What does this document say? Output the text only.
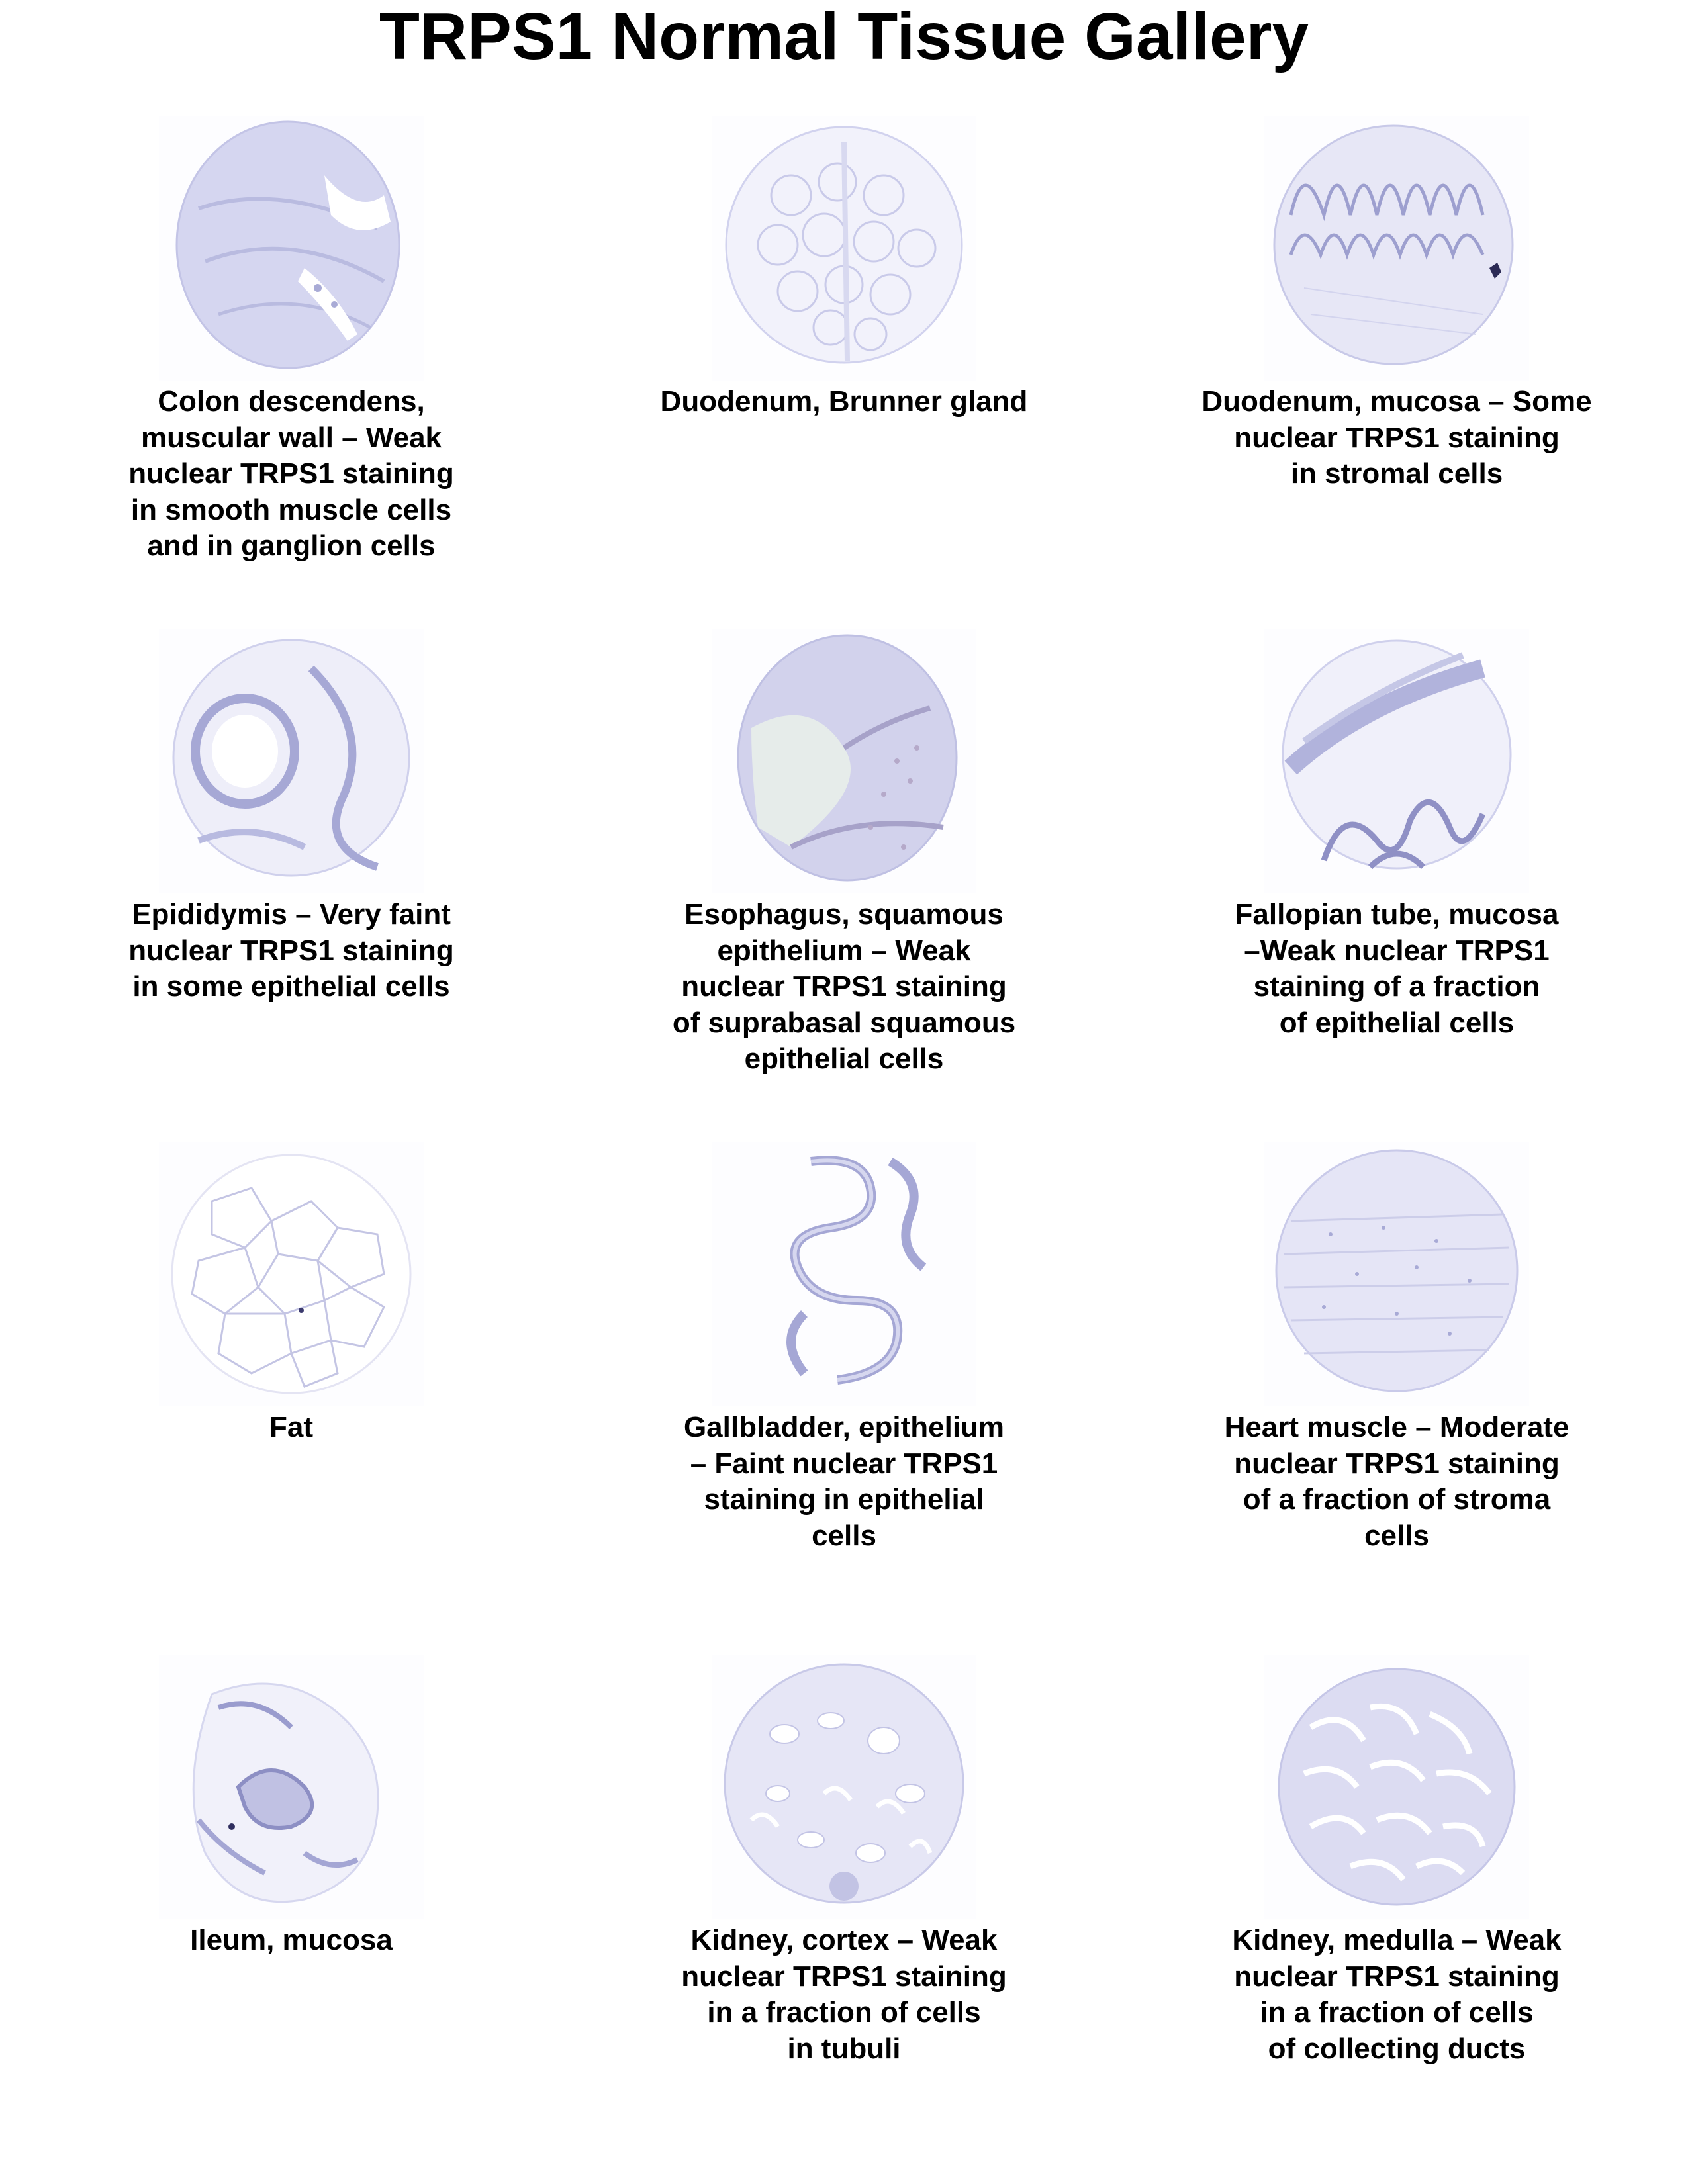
TRPS1 Normal Tissue Gallery
Colon descendens,
muscular wall – Weak
nuclear TRPS1 staining
in smooth muscle cells
and in ganglion cells
Duodenum, Brunner gland	Duodenum, mucosa – Some
nuclear TRPS1 staining
in stromal cells
Epididymis – Very faint
nuclear TRPS1 staining
in some epithelial cells
Esophagus, squamous
epithelium – Weak
nuclear TRPS1 staining
of suprabasal squamous
epithelial cells
Fallopian tube, mucosa
–Weak nuclear TRPS1
staining of a fraction
of epithelial cells
Fat	Gallbladder, epithelium
– Faint nuclear TRPS1
staining in epithelial
cells
Heart muscle – Moderate
nuclear TRPS1 staining
of a fraction of stroma
cells
Ileum, mucosa	Kidney, cortex – Weak
nuclear TRPS1 staining
in a fraction of cells
in tubuli
Kidney, medulla – Weak
nuclear TRPS1 staining
in a fraction of cells
of collecting ducts
